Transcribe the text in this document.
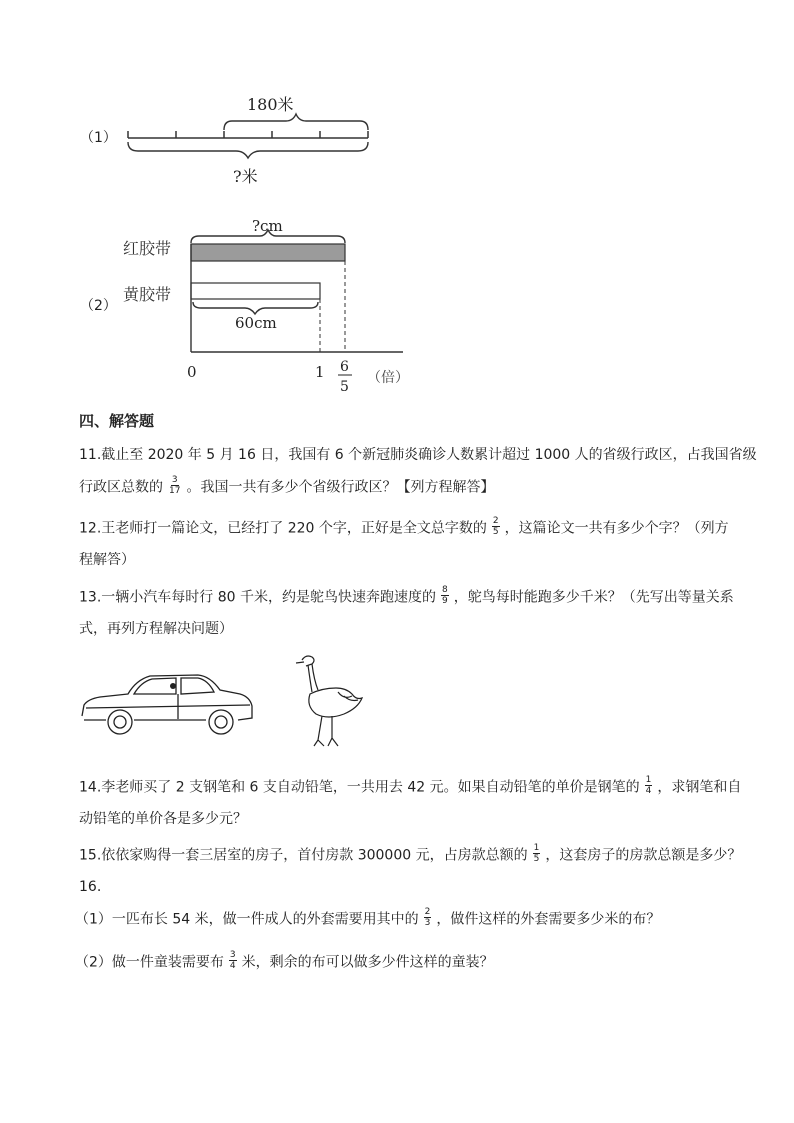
（1）
180米
?米
（2）
红胶带
黄胶带
?cm
60cm
0	1 6
5
（倍）
四、解答题
11.截止至 2020 年 5 月 16 日，我国有 6 个新冠肺炎确诊人数累计超过 1000 人的省级行政区，占我国省级
行政区总数的 $\frac{3}{17}$ 。我国一共有多少个省级行政区？【列方程解答】
12.王老师打一篇论文，已经打了 220 个字，正好是全文总字数的 $\frac{2}{5}$ ，这篇论文一共有多少个字？（列方
程解答）
13.一辆小汽车每时行 80 千米，约是鸵鸟快速奔跑速度的 $\frac{8}{9}$ ，鸵鸟每时能跑多少千米？（先写出等量关系
式，再列方程解决问题）
14.李老师买了 2 支钢笔和 6 支自动铅笔，一共用去 42 元。如果自动铅笔的单价是钢笔的 $\frac{1}{4}$ ，求钢笔和自
动铅笔的单价各是多少元？
15.依依家购得一套三居室的房子，首付房款 300000 元，占房款总额的 $\frac{1}{5}$ ，这套房子的房款总额是多少？
16.
（1）一匹布长 54 米，做一件成人的外套需要用其中的 $\frac{2}{3}$ ，做件这样的外套需要多少米的布？
（2）做一件童装需要布 $\frac{3}{4}$ 米，剩余的布可以做多少件这样的童装？
